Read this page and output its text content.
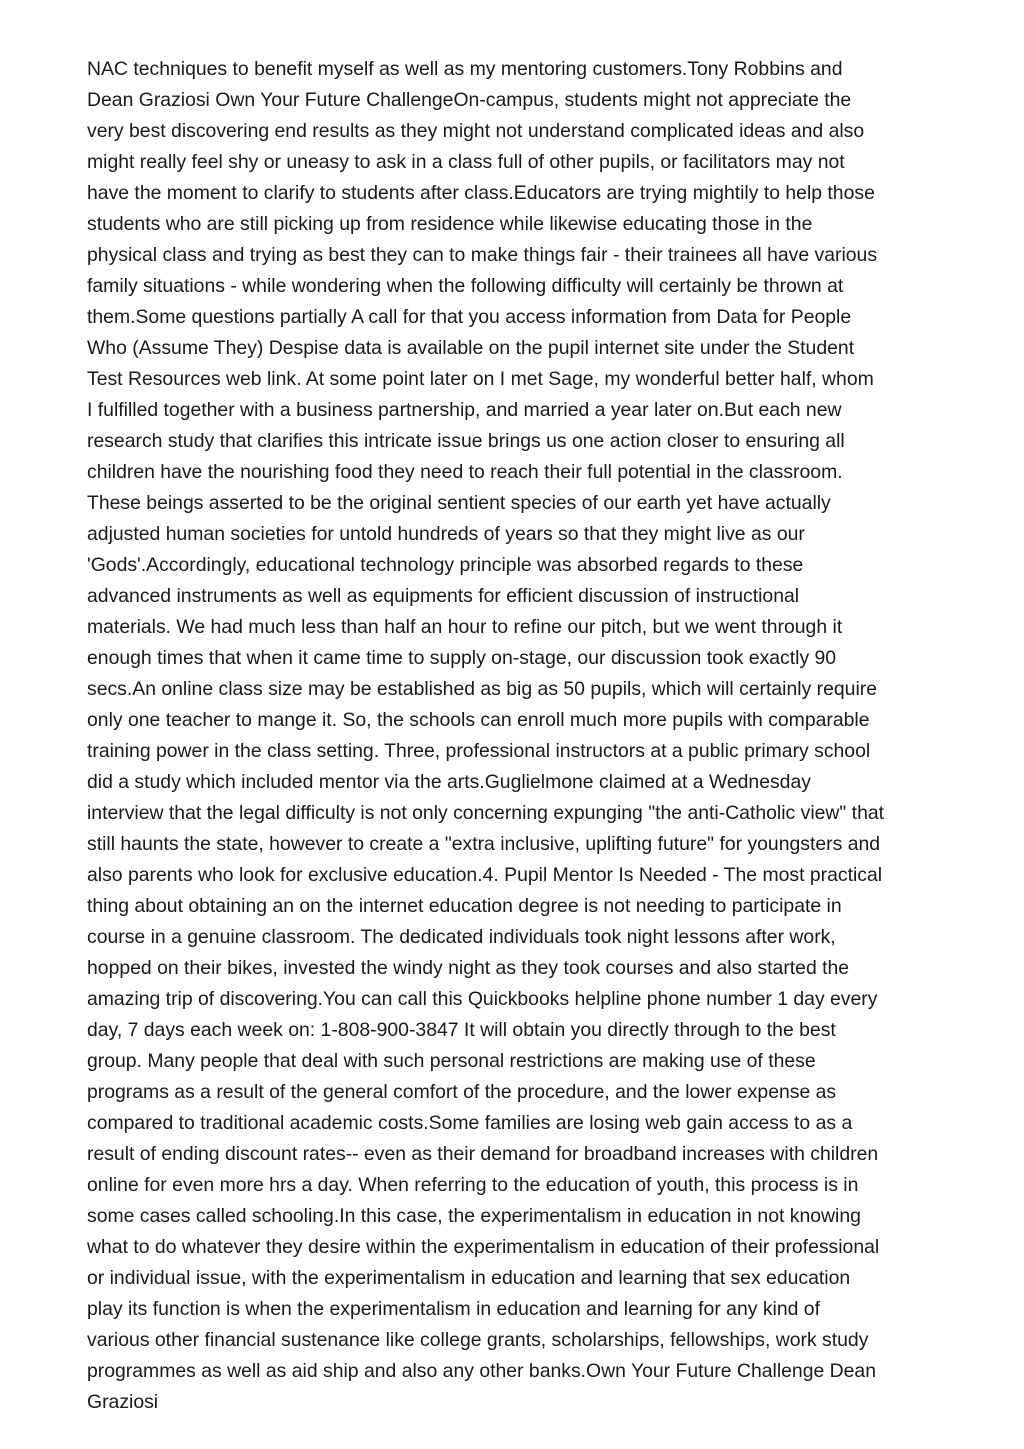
NAC techniques to benefit myself as well as my mentoring customers.Tony Robbins and
Dean Graziosi Own Your Future ChallengeOn-campus, students might not appreciate the
very best discovering end results as they might not understand complicated ideas and also
might really feel shy or uneasy to ask in a class full of other pupils, or facilitators may not
have the moment to clarify to students after class.Educators are trying mightily to help those
students who are still picking up from residence while likewise educating those in the
physical class and trying as best they can to make things fair - their trainees all have various
family situations - while wondering when the following difficulty will certainly be thrown at
them.Some questions partially A call for that you access information from Data for People
Who (Assume They) Despise data is available on the pupil internet site under the Student
Test Resources web link. At some point later on I met Sage, my wonderful better half, whom
I fulfilled together with a business partnership, and married a year later on.But each new
research study that clarifies this intricate issue brings us one action closer to ensuring all
children have the nourishing food they need to reach their full potential in the classroom.
These beings asserted to be the original sentient species of our earth yet have actually
adjusted human societies for untold hundreds of years so that they might live as our
'Gods'.Accordingly, educational technology principle was absorbed regards to these
advanced instruments as well as equipments for efficient discussion of instructional
materials. We had much less than half an hour to refine our pitch, but we went through it
enough times that when it came time to supply on-stage, our discussion took exactly 90
secs.An online class size may be established as big as 50 pupils, which will certainly require
only one teacher to mange it. So, the schools can enroll much more pupils with comparable
training power in the class setting. Three, professional instructors at a public primary school
did a study which included mentor via the arts.Guglielmone claimed at a Wednesday
interview that the legal difficulty is not only concerning expunging "the anti-Catholic view" that
still haunts the state, however to create a "extra inclusive, uplifting future" for youngsters and
also parents who look for exclusive education.4. Pupil Mentor Is Needed - The most practical
thing about obtaining an on the internet education degree is not needing to participate in
course in a genuine classroom. The dedicated individuals took night lessons after work,
hopped on their bikes, invested the windy night as they took courses and also started the
amazing trip of discovering.You can call this Quickbooks helpline phone number 1 day every
day, 7 days each week on: 1-808-900-3847 It will obtain you directly through to the best
group. Many people that deal with such personal restrictions are making use of these
programs as a result of the general comfort of the procedure, and the lower expense as
compared to traditional academic costs.Some families are losing web gain access to as a
result of ending discount rates-- even as their demand for broadband increases with children
online for even more hrs a day. When referring to the education of youth, this process is in
some cases called schooling.In this case, the experimentalism in education in not knowing
what to do whatever they desire within the experimentalism in education of their professional
or individual issue, with the experimentalism in education and learning that sex education
play its function is when the experimentalism in education and learning for any kind of
various other financial sustenance like college grants, scholarships, fellowships, work study
programmes as well as aid ship and also any other banks.Own Your Future Challenge Dean
Graziosi
